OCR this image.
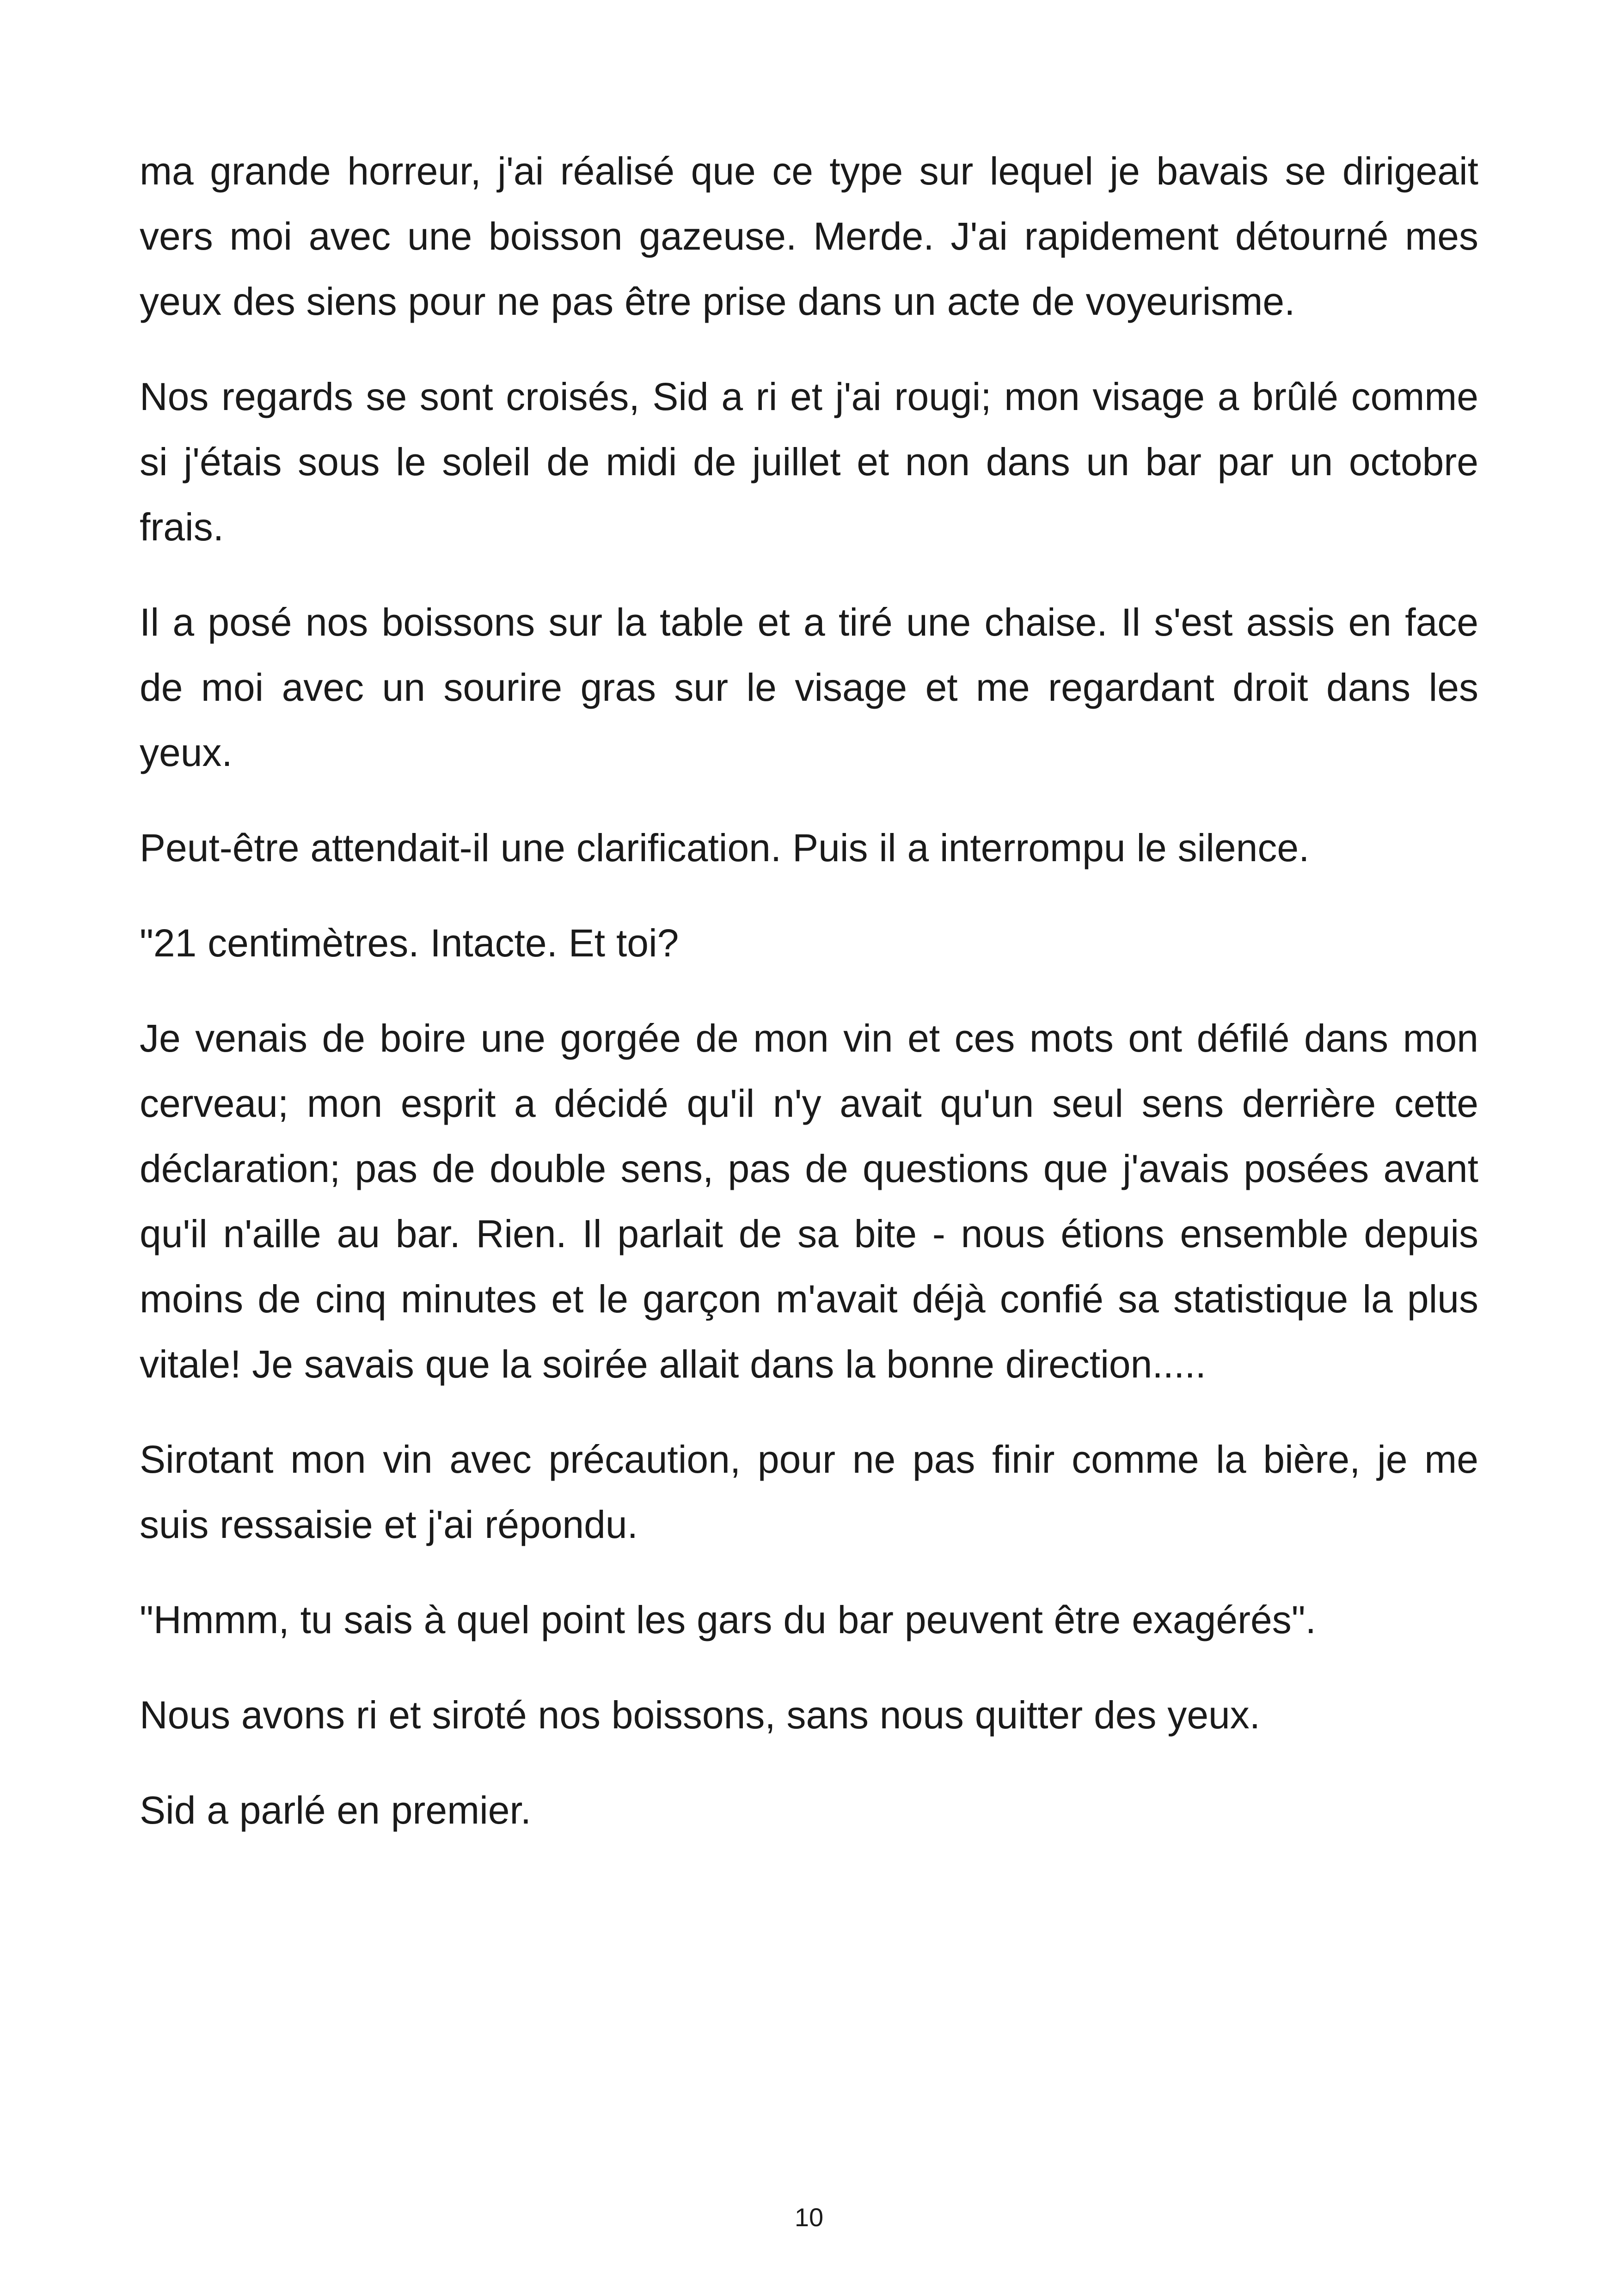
ma grande horreur, j'ai réalisé que ce type sur lequel je bavais se dirigeait vers moi avec une boisson gazeuse. Merde. J'ai rapidement détourné mes yeux des siens pour ne pas être prise dans un acte de voyeurisme.

Nos regards se sont croisés, Sid a ri et j'ai rougi; mon visage a brûlé comme si j'étais sous le soleil de midi de juillet et non dans un bar par un octobre frais.

Il a posé nos boissons sur la table et a tiré une chaise. Il s'est assis en face de moi avec un sourire gras sur le visage et me regardant droit dans les yeux.

Peut-être attendait-il une clarification. Puis il a interrompu le silence.

"21 centimètres. Intacte. Et toi?

Je venais de boire une gorgée de mon vin et ces mots ont défilé dans mon cerveau; mon esprit a décidé qu'il n'y avait qu'un seul sens derrière cette déclaration; pas de double sens, pas de questions que j'avais posées avant qu'il n'aille au bar. Rien. Il parlait de sa bite - nous étions ensemble depuis moins de cinq minutes et le garçon m'avait déjà confié sa statistique la plus vitale! Je savais que la soirée allait dans la bonne direction.....

Sirotant mon vin avec précaution, pour ne pas finir comme la bière, je me suis ressaisie et j'ai répondu.

"Hmmm, tu sais à quel point les gars du bar peuvent être exagérés".

Nous avons ri et siroté nos boissons, sans nous quitter des yeux.

Sid a parlé en premier.

10
